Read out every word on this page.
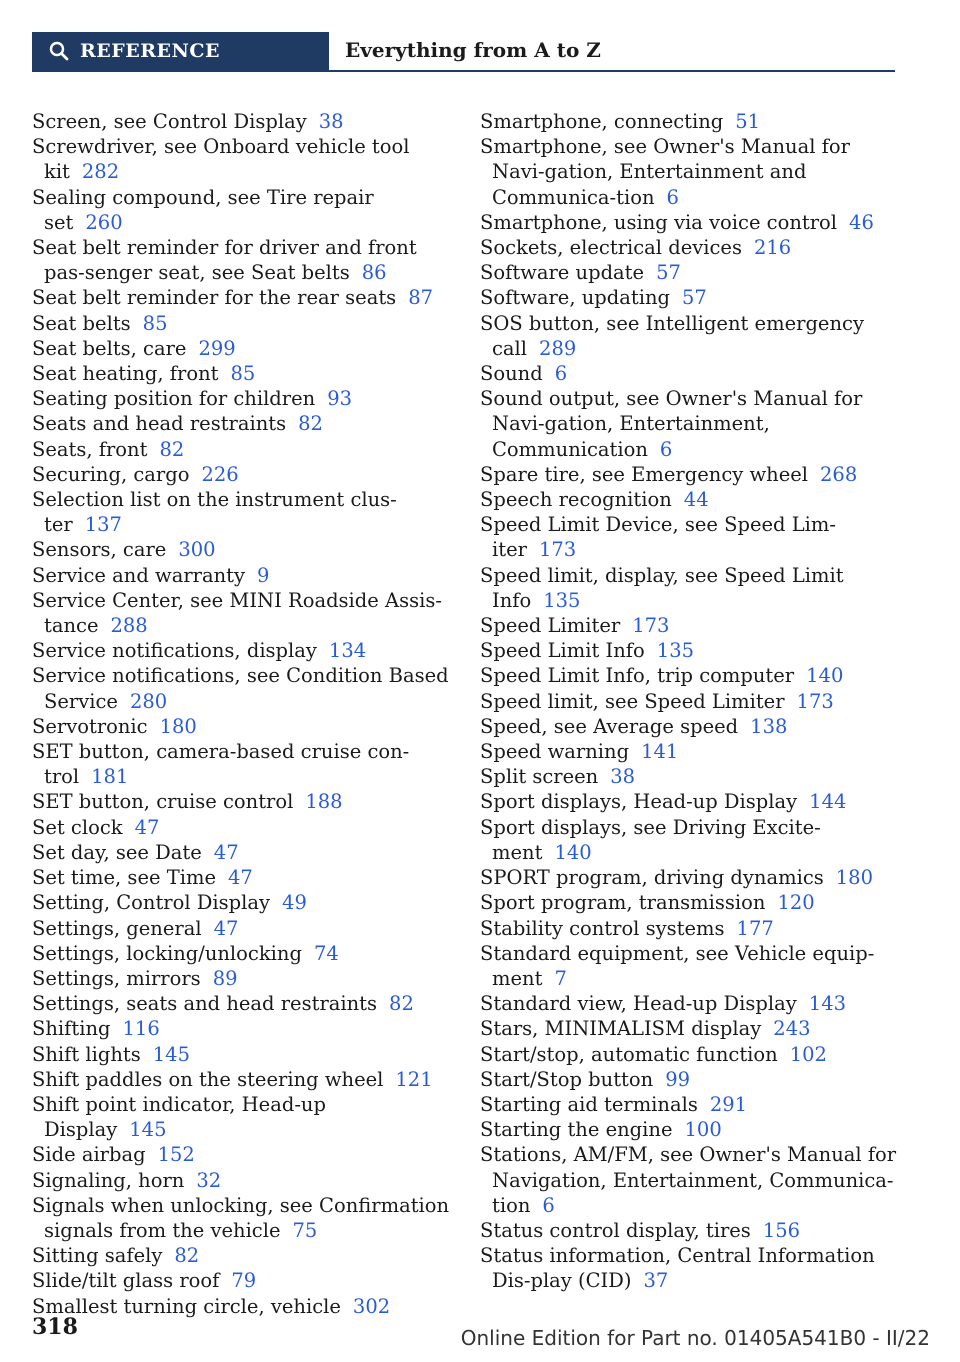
REFERENCE	Everything from A to Z
Screen, see Control Display 38
Screwdriver, see Onboard vehicle tool kit 282
Sealing compound, see Tire repair set 260
Seat belt reminder for driver and front pas‐senger seat, see Seat belts 86
Seat belt reminder for the rear seats 87
Seat belts 85
Seat belts, care 299
Seat heating, front 85
Seating position for children 93
Seats and head restraints 82
Seats, front 82
Securing, cargo 226
Selection list on the instrument clus‐ter 137
Sensors, care 300
Service and warranty 9
Service Center, see MINI Roadside Assis‐tance 288
Service notifications, display 134
Service notifications, see Condition Based Service 280
Servotronic 180
SET button, camera-based cruise con‐trol 181
SET button, cruise control 188
Set clock 47
Set day, see Date 47
Set time, see Time 47
Setting, Control Display 49
Settings, general 47
Settings, locking/unlocking 74
Settings, mirrors 89
Settings, seats and head restraints 82
Shifting 116
Shift lights 145
Shift paddles on the steering wheel 121
Shift point indicator, Head-up Display 145
Side airbag 152
Signaling, horn 32
Signals when unlocking, see Confirmation signals from the vehicle 75
Sitting safely 82
Slide/tilt glass roof 79
Smallest turning circle, vehicle 302
Smartphone, connecting 51
Smartphone, see Owner's Manual for Navi‐gation, Entertainment and Communica‐tion 6
Smartphone, using via voice control 46
Sockets, electrical devices 216
Software update 57
Software, updating 57
SOS button, see Intelligent emergency call 289
Sound 6
Sound output, see Owner's Manual for Navi‐gation, Entertainment, Communication 6
Spare tire, see Emergency wheel 268
Speech recognition 44
Speed Limit Device, see Speed Lim‐iter 173
Speed limit, display, see Speed Limit Info 135
Speed Limiter 173
Speed Limit Info 135
Speed Limit Info, trip computer 140
Speed limit, see Speed Limiter 173
Speed, see Average speed 138
Speed warning 141
Split screen 38
Sport displays, Head-up Display 144
Sport displays, see Driving Excite‐ment 140
SPORT program, driving dynamics 180
Sport program, transmission 120
Stability control systems 177
Standard equipment, see Vehicle equip‐ment 7
Standard view, Head-up Display 143
Stars, MINIMALISM display 243
Start/stop, automatic function 102
Start/Stop button 99
Starting aid terminals 291
Starting the engine 100
Stations, AM/FM, see Owner's Manual for Navigation, Entertainment, Communica‐tion 6
Status control display, tires 156
Status information, Central Information Dis‐play (CID) 37
318	Online Edition for Part no. 01405A541B0 - II/22
